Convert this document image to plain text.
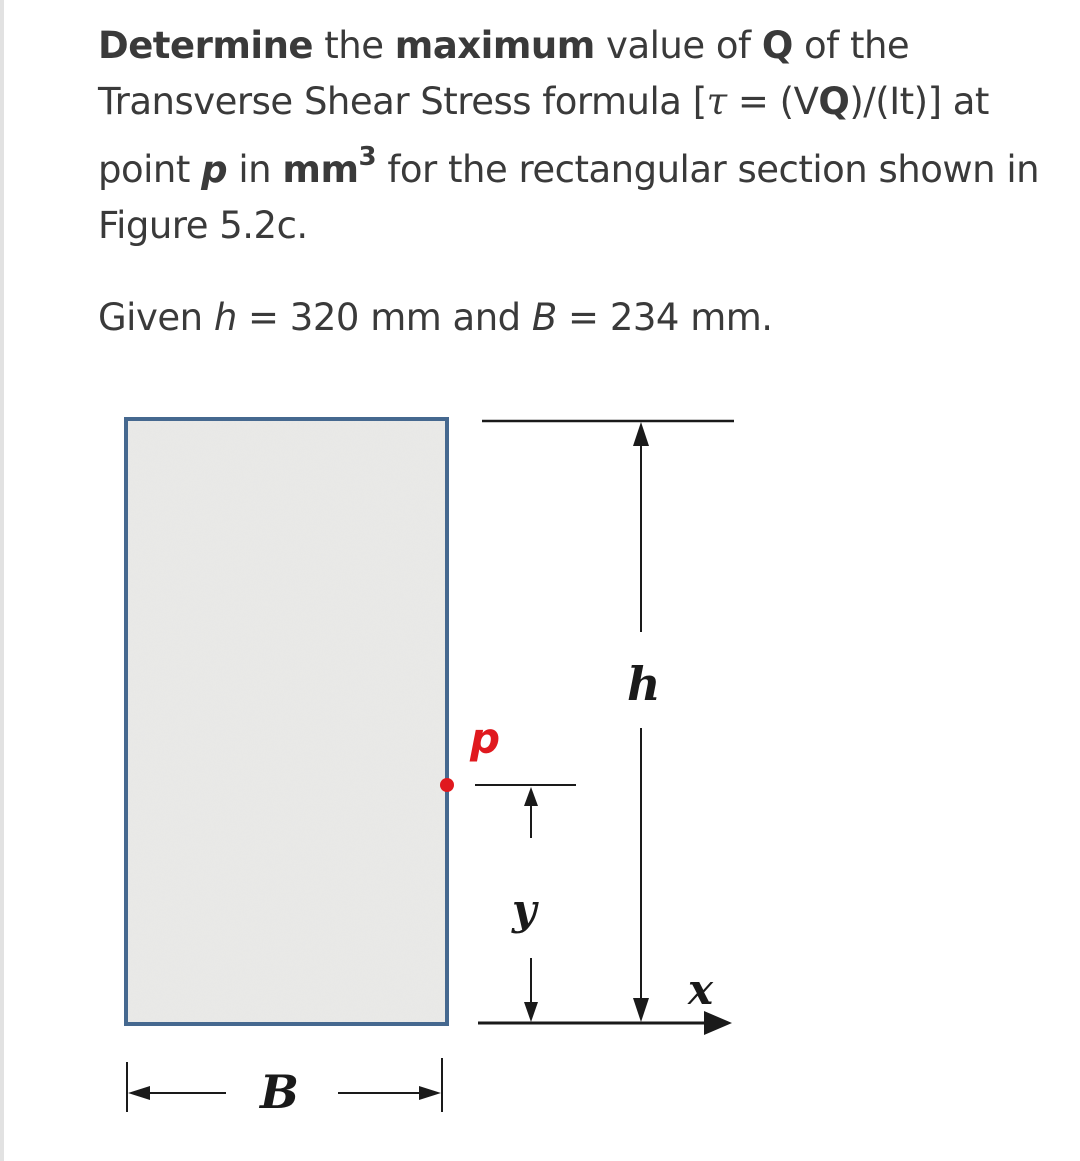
Determine the maximum value of Q of the

Transverse Shear Stress formula [τ = (VQ)/(It)] at

point p in $mm^3$ for the rectangular section shown in

Figure 5.2c.

Given h = 320 mm and B = 234 mm.
p
h
y
x
B
